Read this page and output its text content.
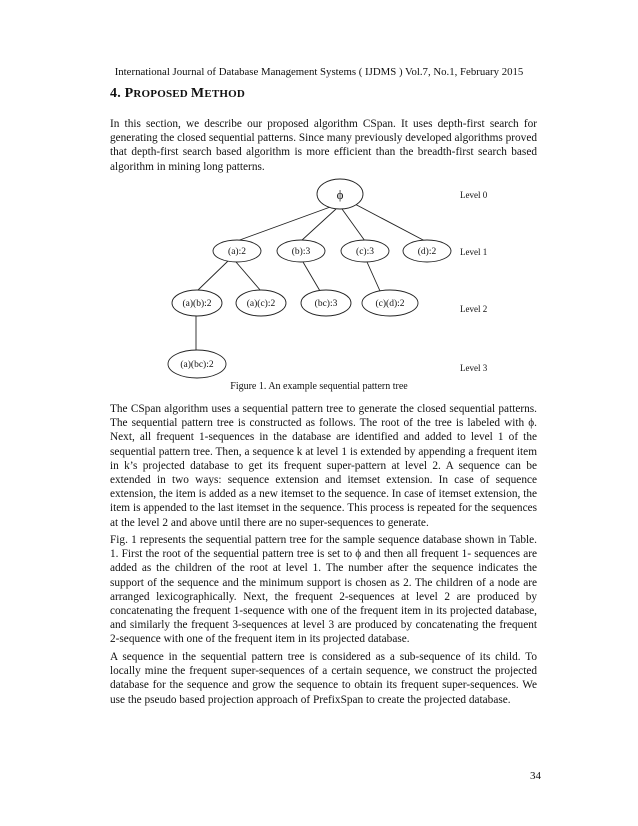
International Journal of Database Management Systems ( IJDMS ) Vol.7, No.1, February 2015
4. PROPOSED METHOD

In this section, we describe our proposed algorithm CSpan. It uses depth-first search for generating the closed sequential patterns. Since many previously developed algorithms proved that depth-first search based algorithm is more efficient than the breadth-first search based algorithm in mining long patterns.

ϕ
(a):2	(b):3	(c):3	(d):2
(a)(b):2	(a)(c):2	(bc):3	(c)(d):2
(a)(bc):2
Level 0
Level 1
Level 2
Level 3
Figure 1. An example sequential pattern tree

The CSpan algorithm uses a sequential pattern tree to generate the closed sequential patterns. The sequential pattern tree is constructed as follows. The root of the tree is labeled with ϕ. Next, all frequent 1-sequences in the database are identified and added to level 1 of the sequential pattern tree. Then, a sequence k at level 1 is extended by appending a frequent item in k’s projected database to get its frequent super-pattern at level 2. A sequence can be extended in two ways: sequence extension and itemset extension. In case of sequence extension, the item is added as a new itemset to the sequence. In case of itemset extension, the item is appended to the last itemset in the sequence. This process is repeated for the sequences at the level 2 and above until there are no super-sequences to generate.

Fig. 1 represents the sequential pattern tree for the sample sequence database shown in Table. 1. First the root of the sequential pattern tree is set to ϕ and then all frequent 1- sequences are added as the children of the root at level 1. The number after the sequence indicates the support of the sequence and the minimum support is chosen as 2. The children of a node are arranged lexicographically. Next, the frequent 2-sequences at level 2 are produced by concatenating the frequent 1-sequence with one of the frequent item in its projected database, and similarly the frequent 3-sequences at level 3 are produced by concatenating the frequent 2-sequence with one of the frequent item in its projected database.

A sequence in the sequential pattern tree is considered as a sub-sequence of its child. To locally mine the frequent super-sequences of a certain sequence, we construct the projected database for the sequence and grow the sequence to obtain its frequent super-sequences. We use the pseudo based projection approach of PrefixSpan to create the projected database.

34
